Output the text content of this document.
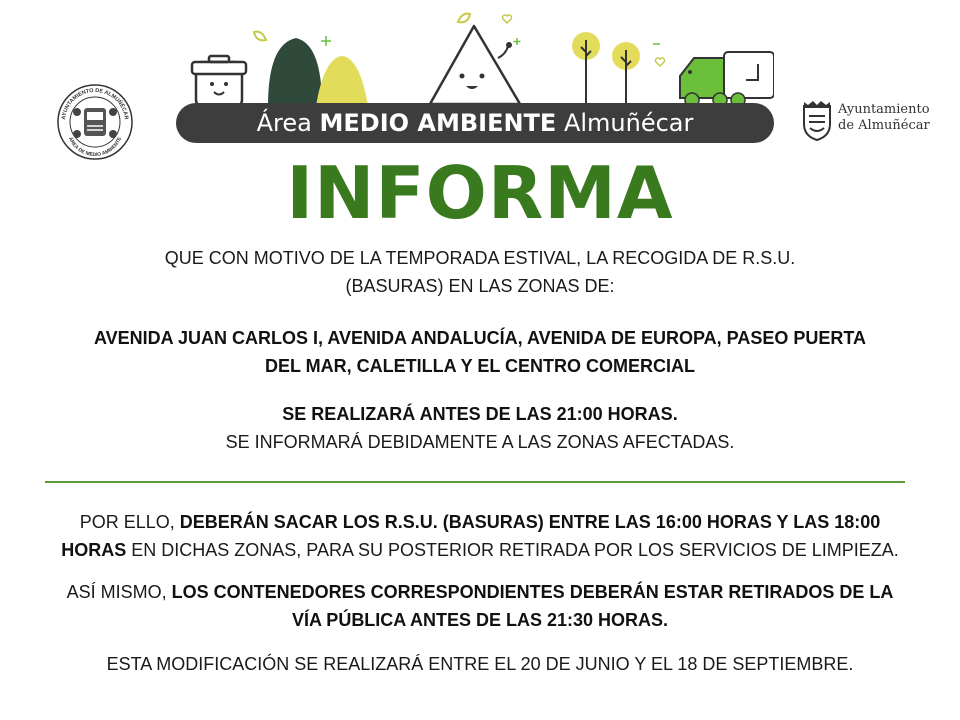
AYUNTAMIENTO DE ALMUÑÉCAR
ÁREA DE MEDIO AMBIENTE
Área MEDIO AMBIENTE Almuñécar	Ayuntamiento
de Almuñécar
INFORMA
QUE CON MOTIVO DE LA TEMPORADA ESTIVAL, LA RECOGIDA DE R.S.U.
(BASURAS) EN LAS ZONAS DE:
AVENIDA JUAN CARLOS I, AVENIDA ANDALUCÍA, AVENIDA DE EUROPA, PASEO PUERTA
DEL MAR, CALETILLA Y EL CENTRO COMERCIAL
SE REALIZARÁ ANTES DE LAS 21:00 HORAS.
SE INFORMARÁ DEBIDAMENTE A LAS ZONAS AFECTADAS.
POR ELLO, DEBERÁN SACAR LOS R.S.U. (BASURAS) ENTRE LAS 16:00 HORAS Y LAS 18:00
HORAS EN DICHAS ZONAS, PARA SU POSTERIOR RETIRADA POR LOS SERVICIOS DE LIMPIEZA.
ASÍ MISMO, LOS CONTENEDORES CORRESPONDIENTES DEBERÁN ESTAR RETIRADOS DE LA
VÍA PÚBLICA ANTES DE LAS 21:30 HORAS.
ESTA MODIFICACIÓN SE REALIZARÁ ENTRE EL 20 DE JUNIO Y EL 18 DE SEPTIEMBRE.
